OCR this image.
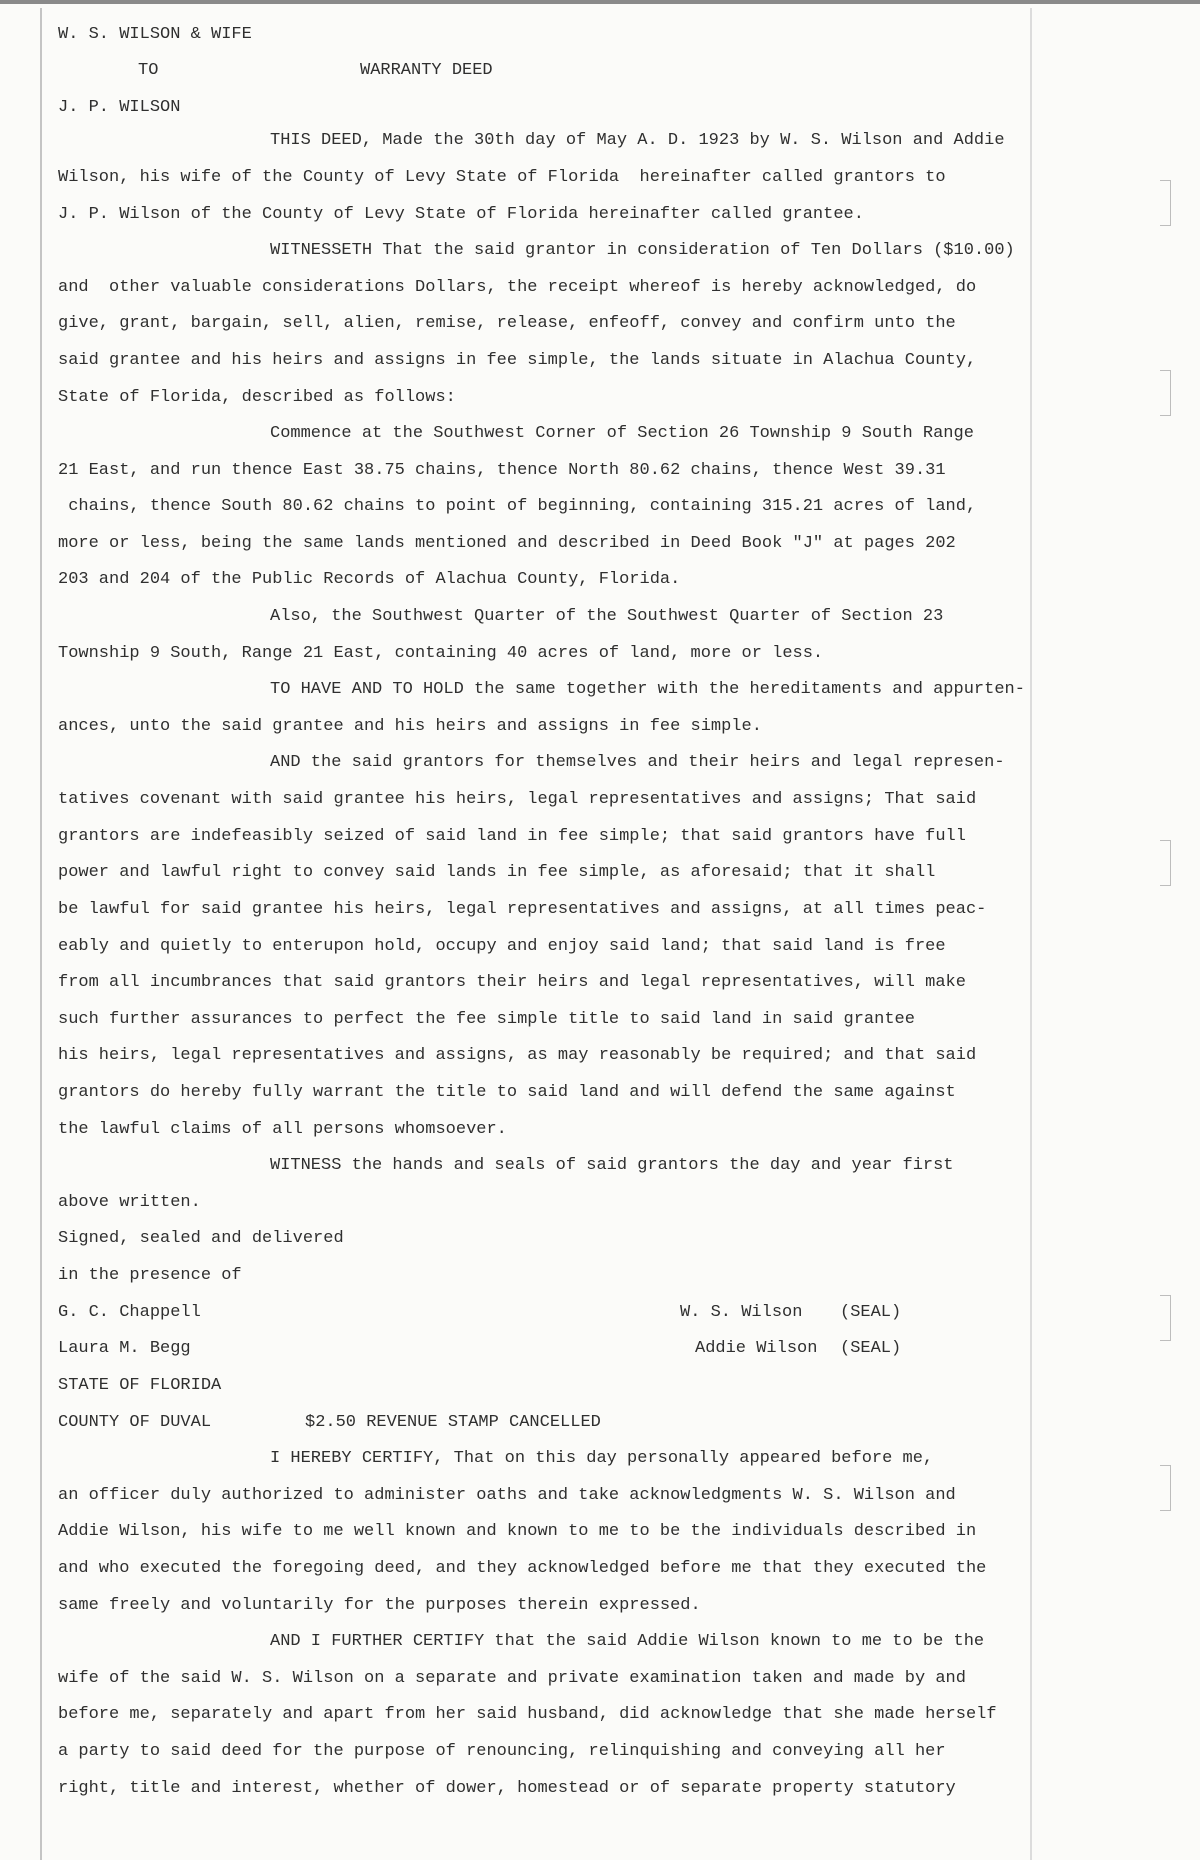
W. S. WILSON & WIFE
TO	WARRANTY DEED
J. P. WILSON
THIS DEED, Made the 30th day of May A. D. 1923 by W. S. Wilson and Addie
Wilson, his wife of the County of Levy State of Florida  hereinafter called grantors to
J. P. Wilson of the County of Levy State of Florida hereinafter called grantee.
WITNESSETH That the said grantor in consideration of Ten Dollars ($10.00)
and  other valuable considerations Dollars, the receipt whereof is hereby acknowledged, do
give, grant, bargain, sell, alien, remise, release, enfeoff, convey and confirm unto the
said grantee and his heirs and assigns in fee simple, the lands situate in Alachua County,
State of Florida, described as follows:
Commence at the Southwest Corner of Section 26 Township 9 South Range
21 East, and run thence East 38.75 chains, thence North 80.62 chains, thence West 39.31
chains, thence South 80.62 chains to point of beginning, containing 315.21 acres of land,
more or less, being the same lands mentioned and described in Deed Book "J" at pages 202
203 and 204 of the Public Records of Alachua County, Florida.
Also, the Southwest Quarter of the Southwest Quarter of Section 23
Township 9 South, Range 21 East, containing 40 acres of land, more or less.
TO HAVE AND TO HOLD the same together with the hereditaments and appurten-
ances, unto the said grantee and his heirs and assigns in fee simple.
AND the said grantors for themselves and their heirs and legal represen-
tatives covenant with said grantee his heirs, legal representatives and assigns; That said
grantors are indefeasibly seized of said land in fee simple; that said grantors have full
power and lawful right to convey said lands in fee simple, as aforesaid; that it shall
be lawful for said grantee his heirs, legal representatives and assigns, at all times peac-
eably and quietly to enterupon hold, occupy and enjoy said land; that said land is free
from all incumbrances that said grantors their heirs and legal representatives, will make
such further assurances to perfect the fee simple title to said land in said grantee
his heirs, legal representatives and assigns, as may reasonably be required; and that said
grantors do hereby fully warrant the title to said land and will defend the same against
the lawful claims of all persons whomsoever.
WITNESS the hands and seals of said grantors the day and year first
above written.
Signed, sealed and delivered
in the presence of
G. C. Chappell	W. S. Wilson (SEAL)
Laura M. Begg	Addie Wilson (SEAL)
STATE OF FLORIDA
COUNTY OF DUVAL	$2.50 REVENUE STAMP CANCELLED
I HEREBY CERTIFY, That on this day personally appeared before me,
an officer duly authorized to administer oaths and take acknowledgments W. S. Wilson and
Addie Wilson, his wife to me well known and known to me to be the individuals described in
and who executed the foregoing deed, and they acknowledged before me that they executed the
same freely and voluntarily for the purposes therein expressed.
AND I FURTHER CERTIFY that the said Addie Wilson known to me to be the
wife of the said W. S. Wilson on a separate and private examination taken and made by and
before me, separately and apart from her said husband, did acknowledge that she made herself
a party to said deed for the purpose of renouncing, relinquishing and conveying all her
right, title and interest, whether of dower, homestead or of separate property statutory
